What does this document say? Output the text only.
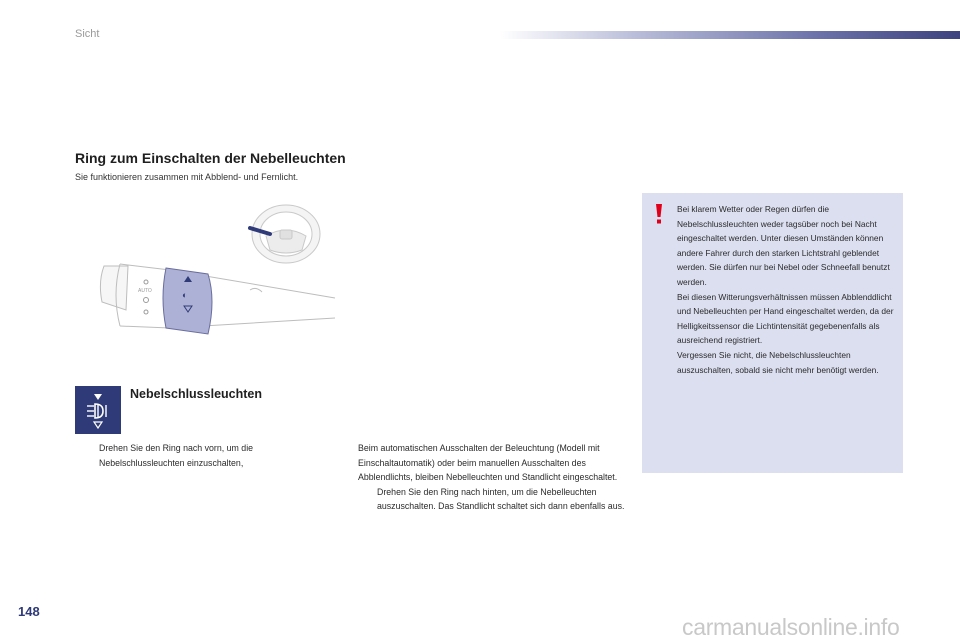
Sicht
Ring zum Einschalten der Nebelleuchten
Sie funktionieren zusammen mit Abblend- und Fernlicht.
◐
AUTO

Bei klarem Wetter oder Regen dürfen die Nebelschlussleuchten weder tagsüber noch bei Nacht eingeschaltet werden. Unter diesen Umständen können andere Fahrer durch den starken Lichtstrahl geblendet werden. Sie dürfen nur bei Nebel oder Schneefall benutzt werden.

Bei diesen Witterungsverhältnissen müssen Abblenddlicht und Nebelleuchten per Hand eingeschaltet werden, da der Helligkeitssensor die Lichtintensität gegebenenfalls als ausreichend registriert.

Vergessen Sie nicht, die Nebelschlussleuchten auszuschalten, sobald sie nicht mehr benötigt werden.

Nebelschlussleuchten
Drehen Sie den Ring nach vorn, um die Nebelschlussleuchten einzuschalten,
Beim automatischen Ausschalten der Beleuchtung (Modell mit Einschaltautomatik) oder beim manuellen Ausschalten des Abblendlichts, bleiben Nebelleuchten und Standlicht eingeschaltet.
Drehen Sie den Ring nach hinten, um die Nebelleuchten auszuschalten. Das Standlicht schaltet sich dann ebenfalls aus.
148
carmanualsonline.info
